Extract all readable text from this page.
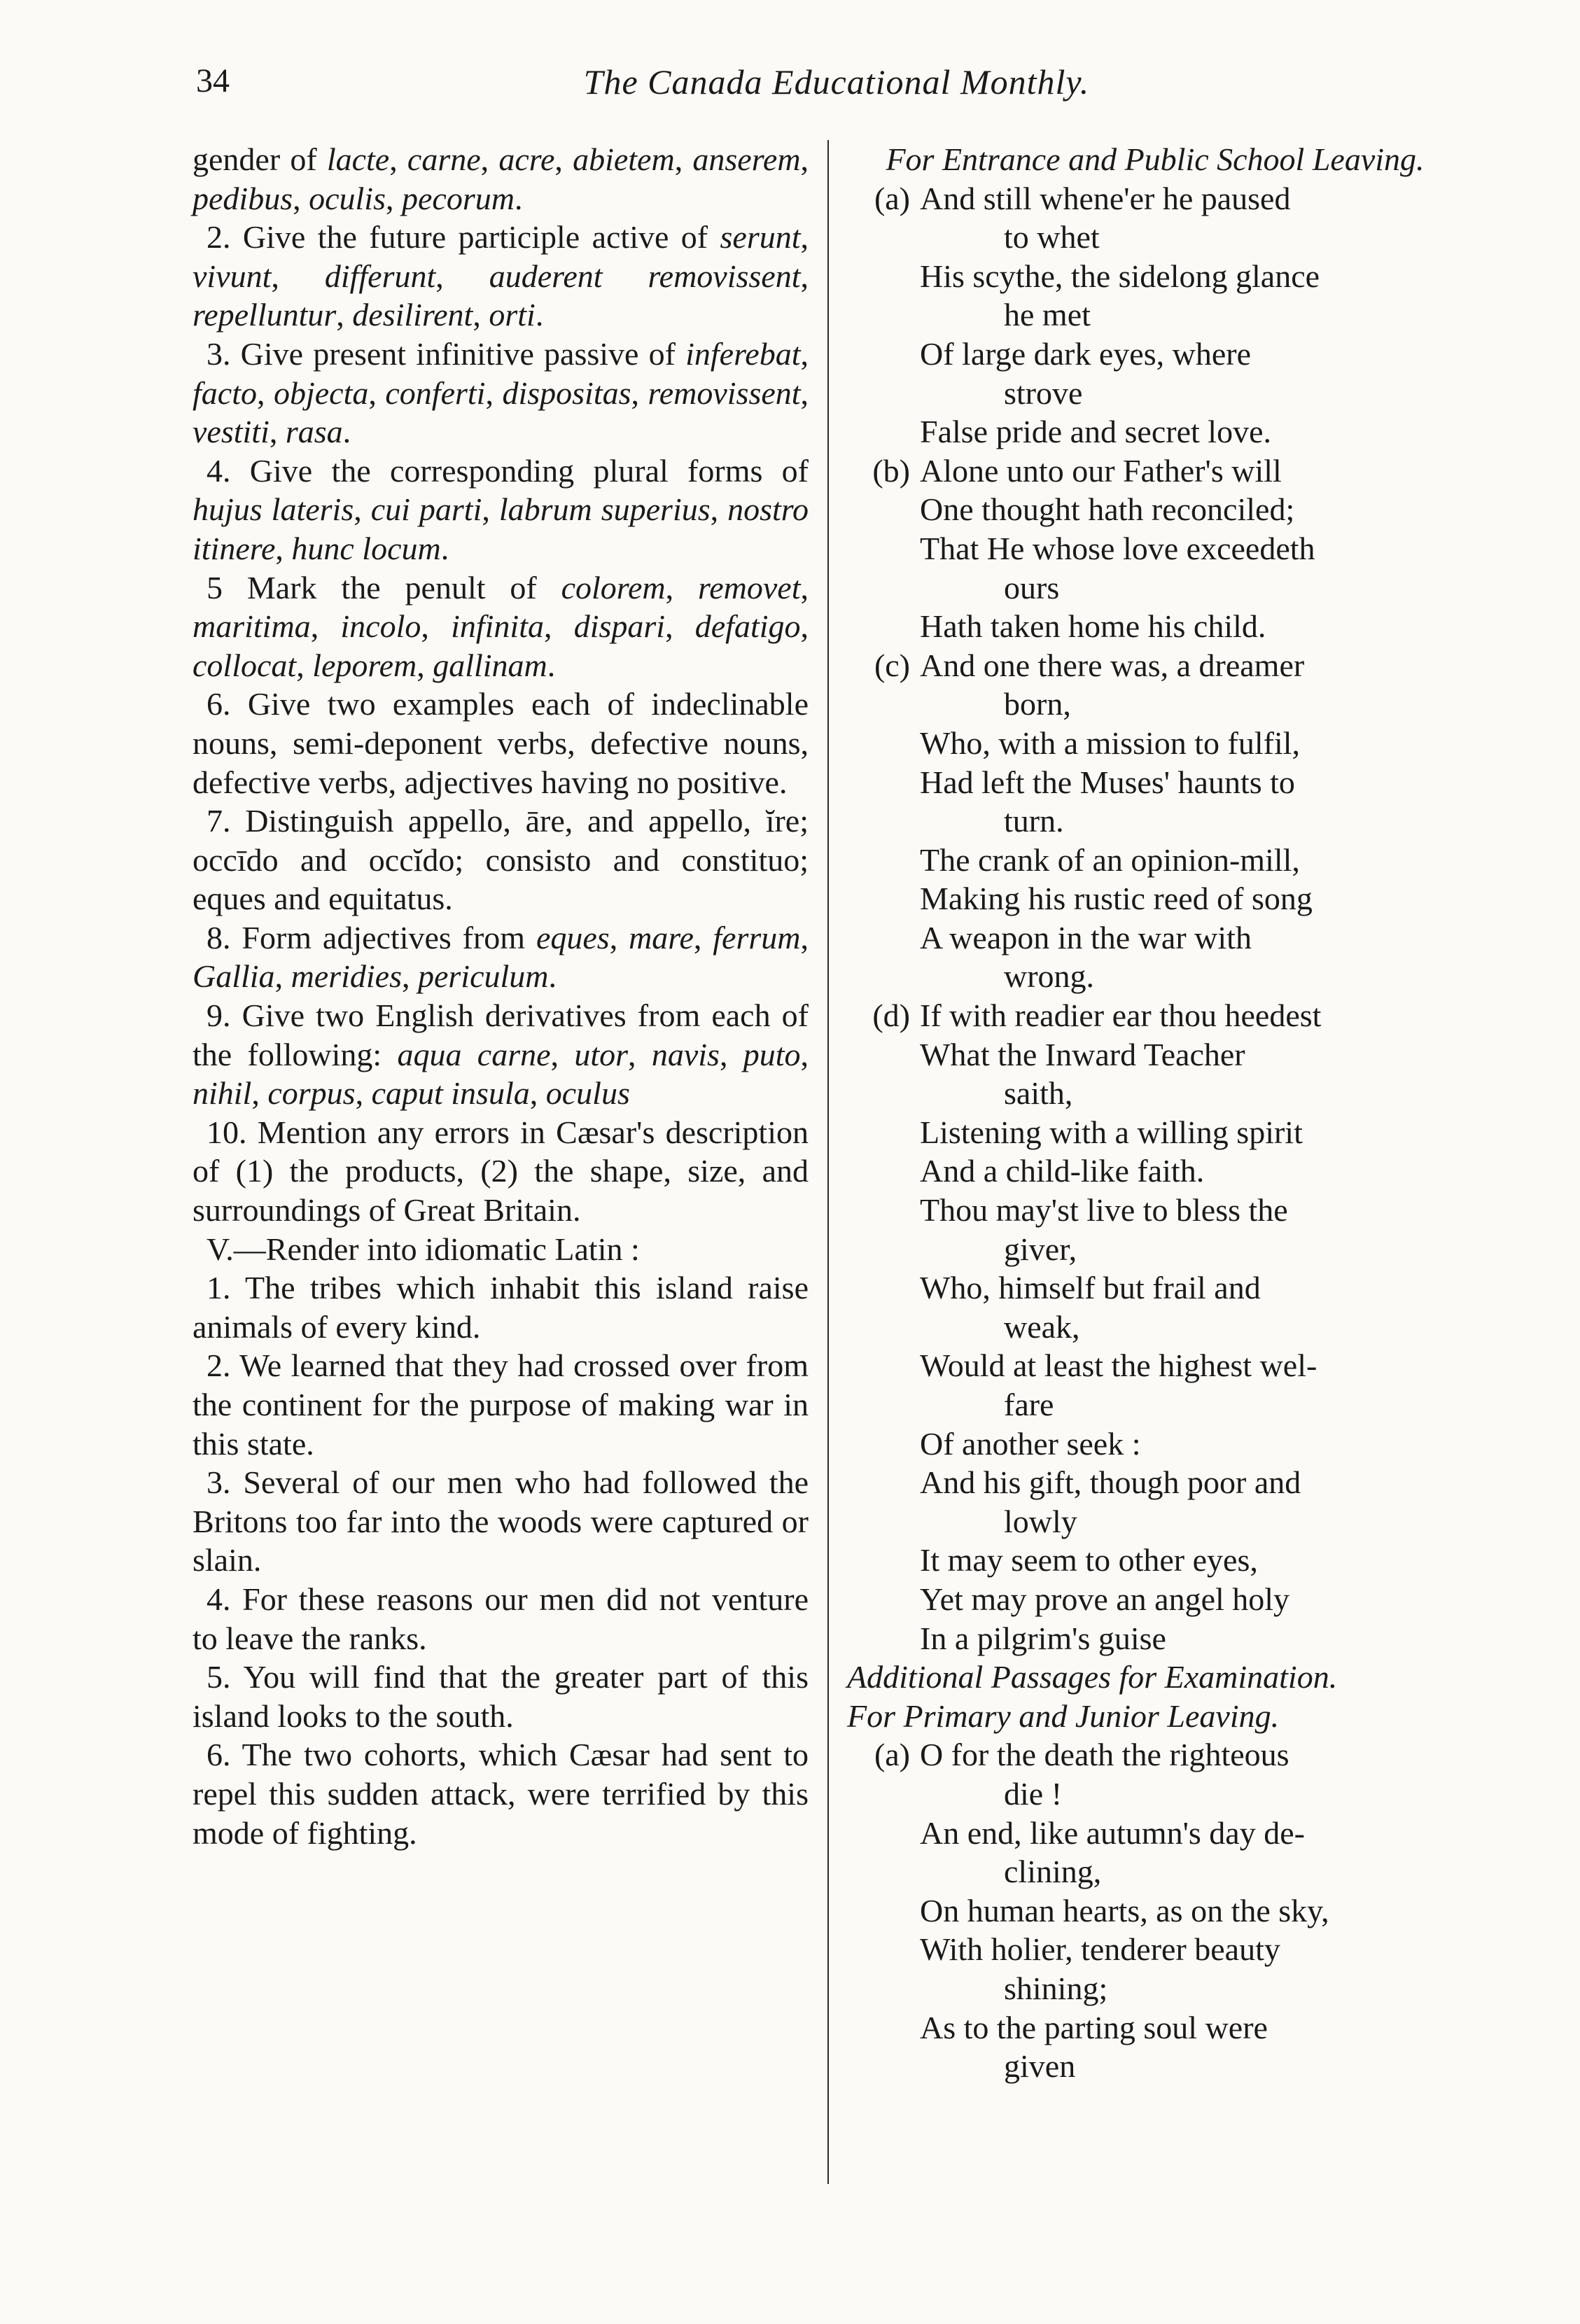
34	The Canada Educational Monthly.

gender of lacte, carne, acre, abietem, anserem, pedibus, oculis, pecorum.

2. Give the future participle active of serunt, vivunt, differunt, auderent removissent, repelluntur, desilirent, orti.

3. Give present infinitive passive of inferebat, facto, objecta, conferti, dispositas, removissent, vestiti, rasa.

4. Give the corresponding plural forms of hujus lateris, cui parti, labrum superius, nostro itinere, hunc locum.

5 Mark the penult of colorem, removet, maritima, incolo, infinita, dispari, defatigo, collocat, leporem, gallinam.

6. Give two examples each of indeclinable nouns, semi-deponent verbs, defective nouns, defective verbs, adjectives having no positive.

7. Distinguish appello, āre, and appello, ĭre; occīdo and occĭdo; consisto and constituo; eques and equitatus.

8. Form adjectives from eques, mare, ferrum, Gallia, meridies, periculum.

9. Give two English derivatives from each of the following: aqua carne, utor, navis, puto, nihil, corpus, caput insula, oculus

10. Mention any errors in Cæsar's description of (1) the products, (2) the shape, size, and surroundings of Great Britain.

V.—Render into idiomatic Latin :

1. The tribes which inhabit this island raise animals of every kind.

2. We learned that they had crossed over from the continent for the purpose of making war in this state.

3. Several of our men who had followed the Britons too far into the woods were captured or slain.

4. For these reasons our men did not venture to leave the ranks.

5. You will find that the greater part of this island looks to the south.

6. The two cohorts, which Cæsar had sent to repel this sudden attack, were terrified by this mode of fighting.

For Entrance and Public School Leaving.

(a) And still whene'er he paused

to whet

His scythe, the sidelong glance

he met

Of large dark eyes, where

strove

False pride and secret love.

(b) Alone unto our Father's will

One thought hath reconciled;

That He whose love exceedeth

ours

Hath taken home his child.

(c) And one there was, a dreamer

born,

Who, with a mission to fulfil,

Had left the Muses' haunts to

turn.

The crank of an opinion-mill,

Making his rustic reed of song

A weapon in the war with

wrong.

(d) If with readier ear thou heedest

What the Inward Teacher

saith,

Listening with a willing spirit

And a child-like faith.

Thou may'st live to bless the

giver,

Who, himself but frail and

weak,

Would at least the highest wel-

fare

Of another seek :

And his gift, though poor and

lowly

It may seem to other eyes,

Yet may prove an angel holy

In a pilgrim's guise

Additional Passages for Examination.

For Primary and Junior Leaving.

(a) O for the death the righteous

die !

An end, like autumn's day de-

clining,

On human hearts, as on the sky,

With holier, tenderer beauty

shining;

As to the parting soul were

given
